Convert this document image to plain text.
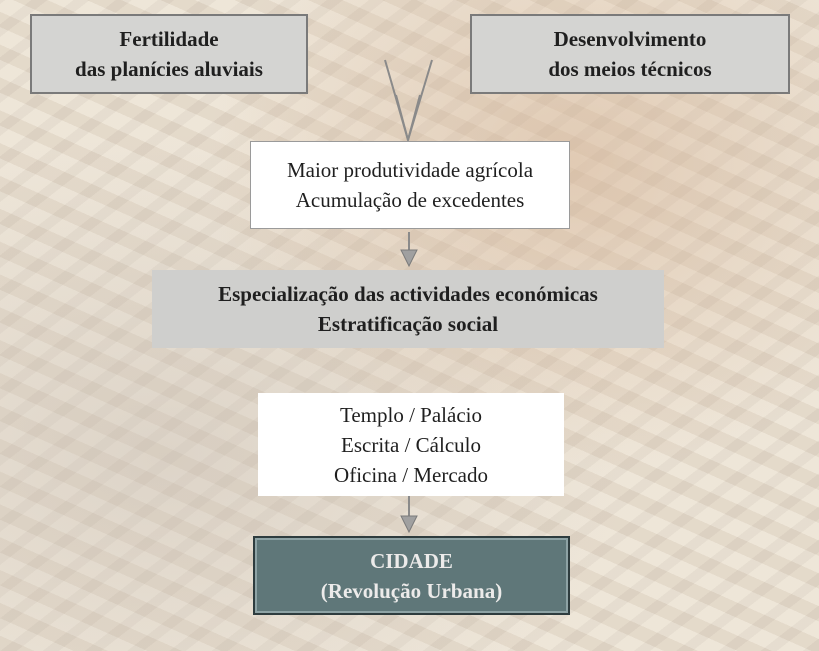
Fertilidade
das planícies aluviais
Desenvolvimento
dos meios técnicos
Maior produtividade agrícola
Acumulação de excedentes
Especialização das actividades económicas
Estratificação social
Templo / Palácio
Escrita / Cálculo
Oficina / Mercado
CIDADE
(Revolução Urbana)
